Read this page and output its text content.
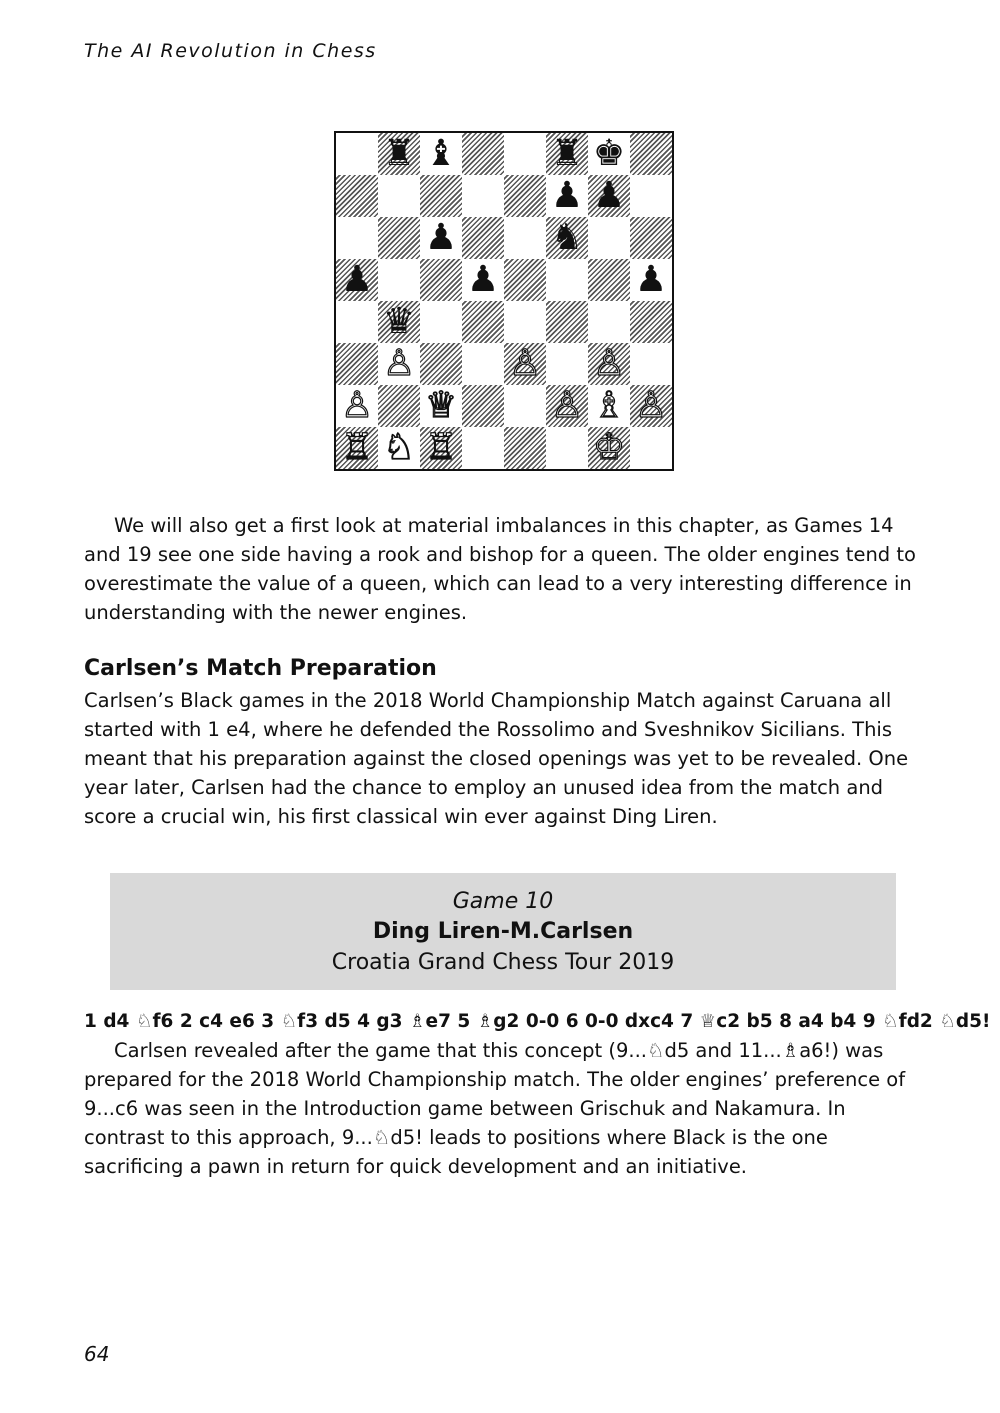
The AI Revolution in Chess
♜ ♝	♜ ♚
♟ ♟
♟	♞
♟	♟	♟
♛
♙	♙ ♙
♙ ♕	♙ ♗ ♙
♖ ♘ ♖	♔
We will also get a first look at material imbalances in this chapter, as Games 14 and 19 see one side having a rook and bishop for a queen. The older engines tend to overestimate the value of a queen, which can lead to a very interesting difference in understanding with the newer engines.
Carlsen’s Match Preparation
Carlsen’s Black games in the 2018 World Championship Match against Caruana all started with 1 e4, where he defended the Rossolimo and Sveshnikov Sicilians. This meant that his preparation against the closed openings was yet to be revealed. One year later, Carlsen had the chance to employ an unused idea from the match and score a crucial win, his first classical win ever against Ding Liren.
Game 10
Ding Liren-M.Carlsen
Croatia Grand Chess Tour 2019
1 d4 ♘f6 2 c4 e6 3 ♘f3 d5 4 g3 ♗e7 5 ♗g2 0-0 6 0-0 dxc4 7 ♕c2 b5 8 a4 b4 9 ♘fd2 ♘d5!
Carlsen revealed after the game that this concept (9...♘d5 and 11...♗a6!) was prepared for the 2018 World Championship match. The older engines’ preference of 9...c6 was seen in the Introduction game between Grischuk and Nakamura. In contrast to this approach, 9...♘d5! leads to positions where Black is the one sacrificing a pawn in return for quick development and an initiative.
64
